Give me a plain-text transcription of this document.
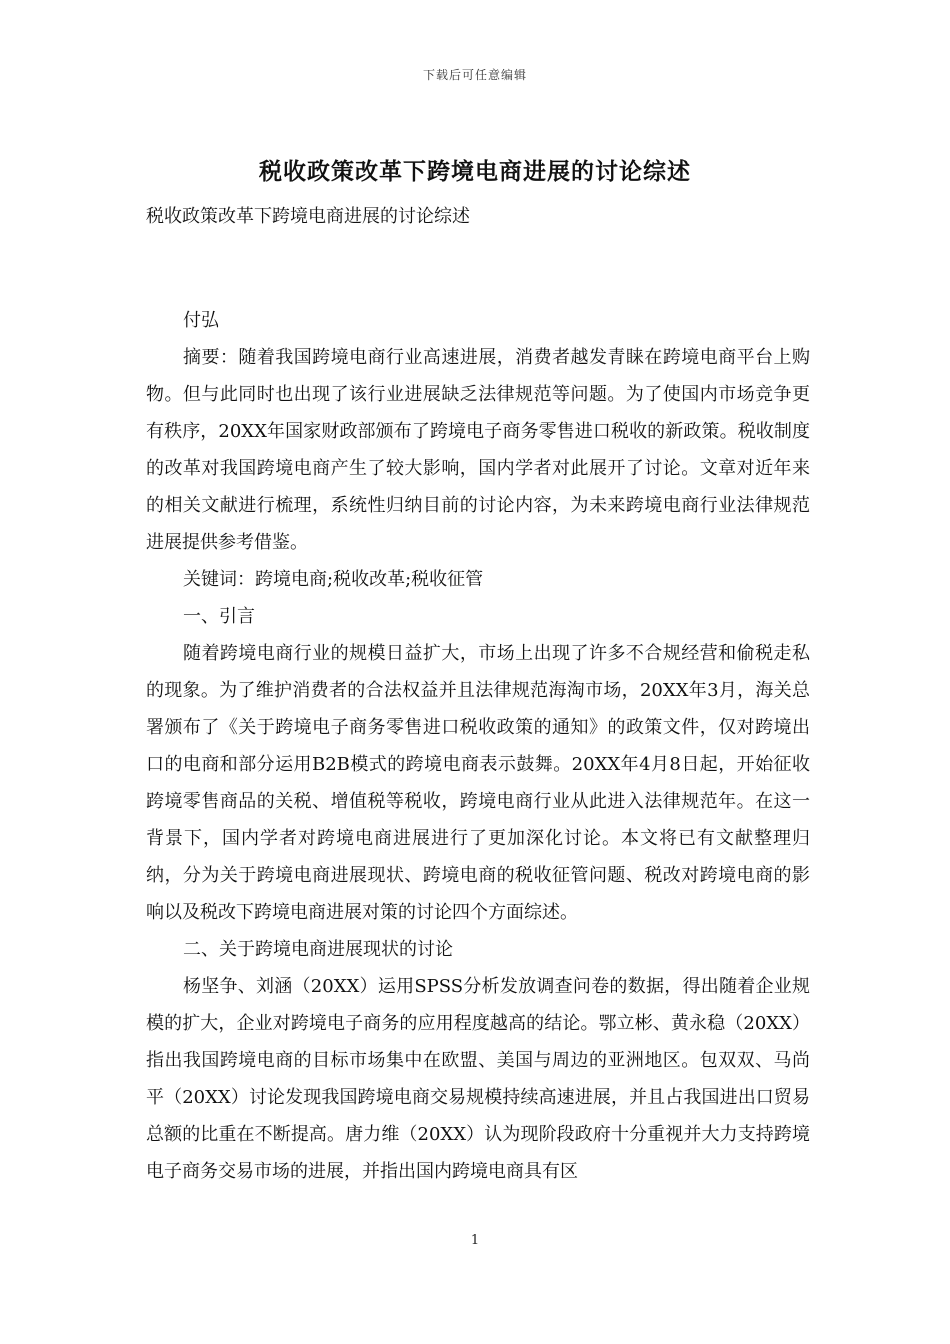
下载后可任意编辑
税收政策改革下跨境电商进展的讨论综述

税收政策改革下跨境电商进展的讨论综述

付弘

摘要：随着我国跨境电商行业高速进展，消费者越发青睐在跨境电商平台上购物。但与此同时也出现了该行业进展缺乏法律规范等问题。为了使国内市场竞争更有秩序，20XX年国家财政部颁布了跨境电子商务零售进口税收的新政策。税收制度的改革对我国跨境电商产生了较大影响，国内学者对此展开了讨论。文章对近年来的相关文献进行梳理，系统性归纳目前的讨论内容，为未来跨境电商行业法律规范进展提供参考借鉴。

关键词：跨境电商;税收改革;税收征管

一、引言

随着跨境电商行业的规模日益扩大，市场上出现了许多不合规经营和偷税走私的现象。为了维护消费者的合法权益并且法律规范海淘市场，20XX年3月，海关总署颁布了《关于跨境电子商务零售进口税收政策的通知》的政策文件，仅对跨境出口的电商和部分运用B2B模式的跨境电商表示鼓舞。20XX年4月8日起，开始征收跨境零售商品的关税、增值税等税收，跨境电商行业从此进入法律规范年。在这一背景下，国内学者对跨境电商进展进行了更加深化讨论。本文将已有文献整理归纳，分为关于跨境电商进展现状、跨境电商的税收征管问题、税改对跨境电商的影响以及税改下跨境电商进展对策的讨论四个方面综述。

二、关于跨境电商进展现状的讨论

杨坚争、刘涵（20XX）运用SPSS分析发放调查问卷的数据，得出随着企业规模的扩大，企业对跨境电子商务的应用程度越高的结论。鄂立彬、黄永稳（20XX）指出我国跨境电商的目标市场集中在欧盟、美国与周边的亚洲地区。包双双、马尚平（20XX）讨论发现我国跨境电商交易规模持续高速进展，并且占我国进出口贸易总额的比重在不断提高。唐力维（20XX）认为现阶段政府十分重视并大力支持跨境电子商务交易市场的进展，并指出国内跨境电商具有区

1
